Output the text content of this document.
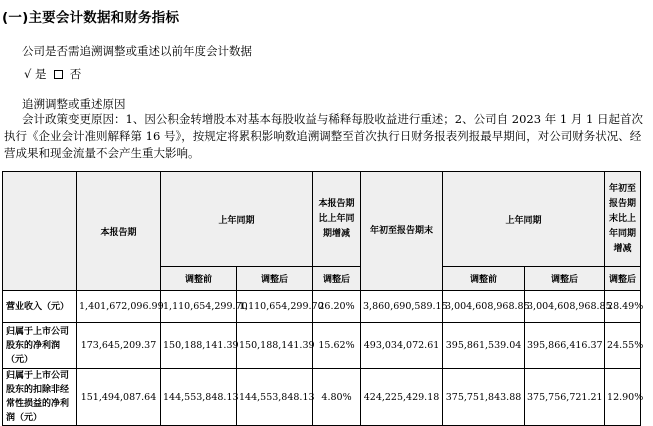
(一)主要会计数据和财务指标
公司是否需追溯调整或重述以前年度会计数据
√ 是 否
追溯调整或重述原因
会计政策变更原因：1、因公积金转增股本对基本每股收益与稀释每股收益进行重述；2、公司自 2023 年 1 月 1 日起首次执行《企业会计准则解释第 16 号》，按规定将累积影响数追溯调整至首次执行日财务报表列报最早期间，对公司财务状况、经营成果和现金流量不会产生重大影响。
	本报告期	上年同期		本报告期比上年同期增减	年初至报告期末	上年同期		年初至报告期末比上年同期增减
		调整前	调整后	调整后		调整前	调整后	调整后
营业收入（元）	1,401,672,096.99	1,110,654,299.70	1,110,654,299.70	26.20%	3,860,690,589.15	3,004,608,968.85	3,004,608,968.85	28.49%
归属于上市公司股东的净利润（元）	173,645,209.37	150,188,141.39	150,188,141.39	15.62%	493,034,072.61	395,861,539.04	395,866,416.37	24.55%
归属于上市公司股东的扣除非经常性损益的净利润（元）	151,494,087.64	144,553,848.13	144,553,848.13	4.80%	424,225,429.18	375,751,843.88	375,756,721.21	12.90%
